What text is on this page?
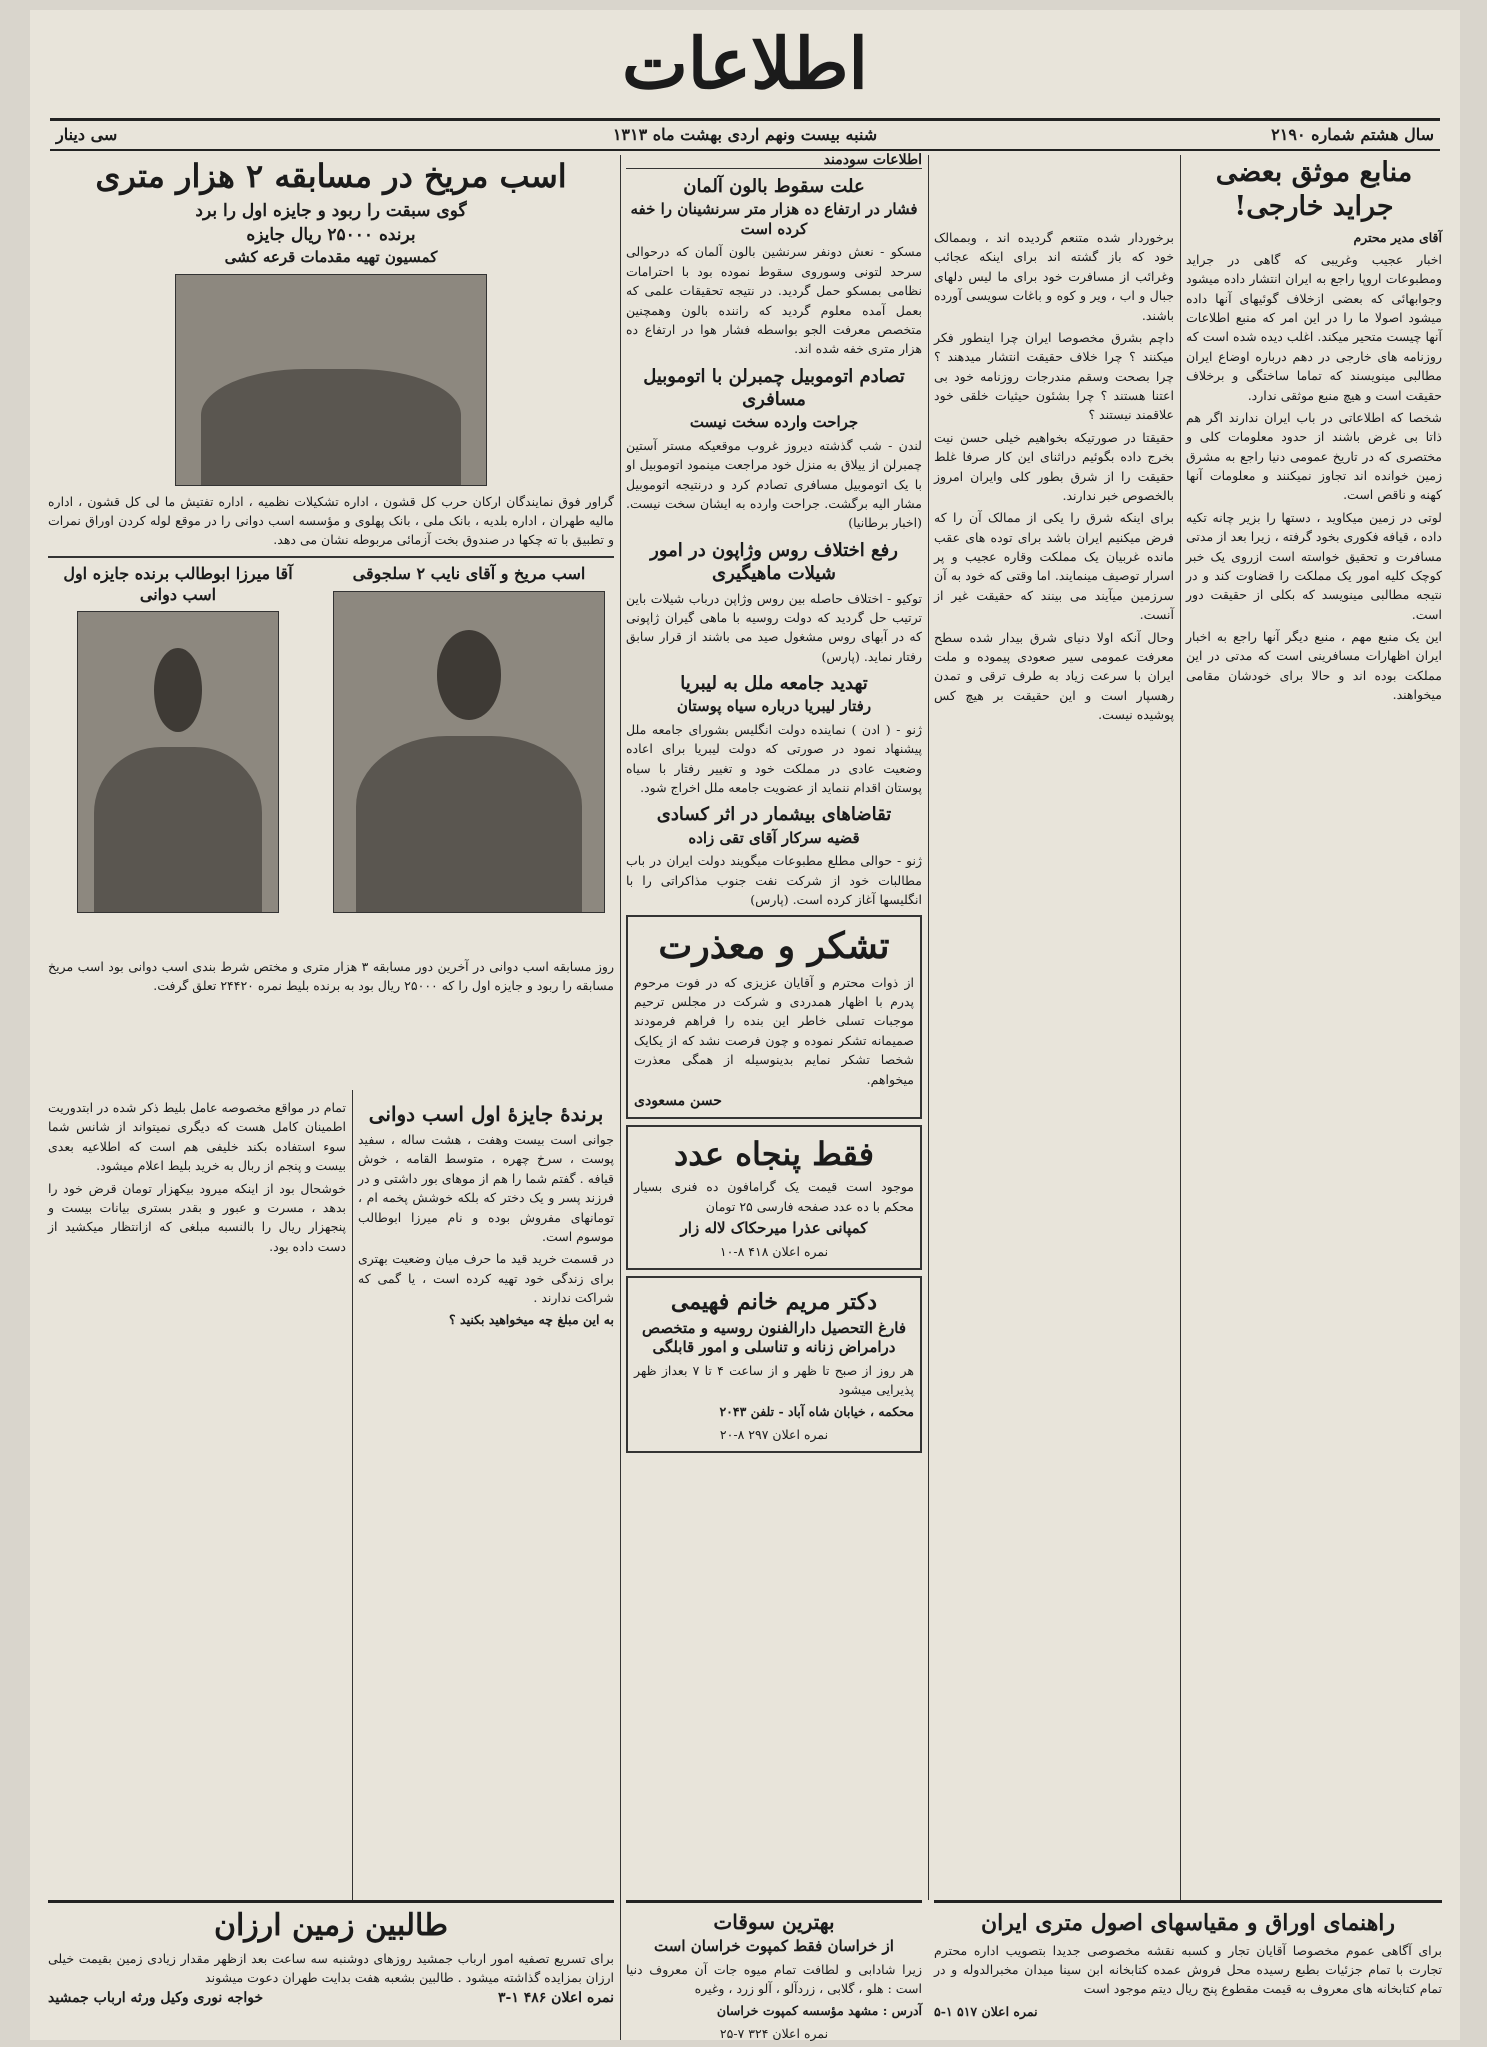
اطلاعات
سال هشتم شماره ۲۱۹۰
شنبه بیست ونهم اردی بهشت ماه ۱۳۱۳
سی دینار
منابع موثق بعضی جراید خارجی!

آقای مدیر محترم

اخبار عجیب وغریبی که گاهی در جراید ومطبوعات اروپا راجع به ایران انتشار داده میشود وجوابهائی که بعضی ازخلاف گوئیهای آنها داده میشود اصولا ما را در این امر که منبع اطلاعات آنها چیست متحیر میکند. اغلب دیده شده است که روزنامه های خارجی در دهم درباره اوضاع ایران مطالبی مینویسند که تماما ساختگی و برخلاف حقیقت است و هیچ منبع موثقی ندارد.

شخصا که اطلاعاتی در باب ایران ندارند اگر هم ذاتا بی غرض باشند از حدود معلومات کلی و مختصری که در تاریخ عمومی دنیا راجع به مشرق زمین خوانده اند تجاوز نمیکنند و معلومات آنها کهنه و ناقص است.

لوتی در زمین میکاوید ، دستها را بزیر چانه تکیه داده ، قیافه فکوری بخود گرفته ، زیرا بعد از مدتی مسافرت و تحقیق خواسته است ازروی یک خبر کوچک کلیه امور یک مملکت را قضاوت کند و در نتیجه مطالبی مینویسد که بکلی از حقیقت دور است.

این یک منبع مهم ، منبع دیگر آنها راجع به اخبار ایران اظهارات مسافرینی است که مدتی در این مملکت بوده اند و حالا برای خودشان مقامی میخواهند.

برخوردار شده متنعم گردیده اند ، وبممالک خود که باز گشته اند برای اینکه عجائب وغرائب از مسافرت خود برای ما لیس دلهای جبال و اب ، ویر و کوه و باغات سویسی آورده باشند.

داچم بشرق مخصوصا ایران چرا اینطور فکر میکنند ؟ چرا خلاف حقیقت انتشار میدهند ؟ چرا بصحت وسقم مندرجات روزنامه خود بی اعتنا هستند ؟ چرا بشئون حیثیات خلقی خود علاقمند نیستند ؟

حقیقتا در صورتیکه بخواهیم خیلی حسن نیت بخرج داده بگوئیم دراثنای این کار صرفا غلط حقیقت را از شرق بطور کلی وایران امروز بالخصوص خبر ندارند.

برای اینکه شرق را یکی از ممالک آن را که فرض میکنیم ایران باشد برای توده های عقب مانده غربیان یک مملکت وقاره عجیب و پر اسرار توصیف مینمایند. اما وقتی که خود به آن سرزمین میآیند می بینند که حقیقت غیر از آنست.

وحال آنکه اولا دنیای شرق بیدار شده سطح معرفت عمومی سیر صعودی پیموده و ملت ایران با سرعت زیاد به طرف ترقی و تمدن رهسپار است و این حقیقت بر هیچ کس پوشیده نیست.

اطلاعات سودمند
علت سقوط بالون آلمان
فشار در ارتفاع ده هزار متر سرنشینان را خفه کرده است

مسکو - نعش دونفر سرنشین بالون آلمان که درحوالی سرحد لتونی وسوروی سقوط نموده بود با احترامات نظامی بمسکو حمل گردید. در نتیجه تحقیقات علمی که بعمل آمده معلوم گردید که راننده بالون وهمچنین متخصص معرفت الجو بواسطه فشار هوا در ارتفاع ده هزار متری خفه شده اند.

تصادم اتوموبیل چمبرلن با اتوموبیل مسافری
جراحت وارده سخت نیست

لندن - شب گذشته دیروز غروب موقعیکه مستر آستین چمبرلن از ییلاق به منزل خود مراجعت مینمود اتوموبیل او با یک اتوموبیل مسافری تصادم کرد و درنتیجه اتوموبیل مشار الیه برگشت. جراحت وارده به ایشان سخت نیست. (اخبار برطانیا)

رفع اختلاف روس وژاپون در امور شیلات ماهیگیری

توکیو - اختلاف حاصله بین روس وژاپن درباب شیلات باین ترتیب حل گردید که دولت روسیه با ماهی گیران ژاپونی که در آبهای روس مشغول صید می باشند از قرار سابق رفتار نماید. (پارس)

تهدید جامعه ملل به لیبریا
رفتار لیبریا درباره سیاه پوستان

ژنو - ( ادن ) نماینده دولت انگلیس بشورای جامعه ملل پیشنهاد نمود در صورتی که دولت لیبریا برای اعاده وضعیت عادی در مملکت خود و تغییر رفتار با سیاه پوستان اقدام ننماید از عضویت جامعه ملل اخراج شود.

تقاضاهای بیشمار در اثر کسادی
قضیه سرکار آقای تقی زاده

ژنو - حوالی مطلع مطبوعات میگویند دولت ایران در باب مطالبات خود از شرکت نفت جنوب مذاکراتی را با انگلیسها آغاز کرده است. (پارس)

تشکر و معذرت

از ذوات محترم و آقایان عزیزی که در فوت مرحوم پدرم با اظهار همدردی و شرکت در مجلس ترحیم موجبات تسلی خاطر این بنده را فراهم فرمودند صمیمانه تشکر نموده و چون فرصت نشد که از یکایک شخصا تشکر نمایم بدینوسیله از همگی معذرت میخواهم.

حسن مسعودی
فقط پنجاه عدد

موجود است قیمت یک گرامافون ده فنری بسیار محکم با ده عدد صفحه فارسی ۲۵ تومان

کمپانی عذرا میرحکاک لاله زار

نمره اعلان ۴۱۸ ۸-۱۰

دکتر مریم خانم فهیمی
فارغ التحصیل دارالفنون روسیه و متخصص درامراض زنانه و تناسلی و امور قابلگی

هر روز از صبح تا ظهر و از ساعت ۴ تا ۷ بعداز ظهر پذیرایی میشود

محکمه ، خیابان شاه آباد - تلفن ۲۰۴۳

نمره اعلان ۲۹۷ ۸-۲۰

اسب مریخ در مسابقه ۲ هزار متری
گوی سبقت را ربود و جایزه اول را برد
برنده ۲۵۰۰۰ ریال جایزه
کمسیون تهیه مقدمات قرعه کشی

گراور فوق نمایندگان ارکان حرب کل قشون ، اداره تشکیلات نظمیه ، اداره تفتیش ما لی کل قشون ، اداره مالیه طهران ، اداره بلدیه ، بانک ملی ، بانک پهلوی و مؤسسه اسب دوانی را در موقع لوله کردن اوراق نمرات و تطبیق با ته چکها در صندوق بخت آزمائی مربوطه نشان می دهد.

اسب مریخ و آقای نایب ۲ سلجوقی
آقا میرزا ابوطالب برنده جایزه اول اسب دوانی

روز مسابقه اسب دوانی در آخرین دور مسابقه ۳ هزار متری و مختص شرط بندی اسب دوانی بود اسب مریخ مسابقه را ربود و جایزه اول را که ۲۵۰۰۰ ریال بود به برنده بلیط نمره ۲۴۴۲۰ تعلق گرفت.

برندهٔ جایزهٔ اول اسب دوانی

جوانی است بیست وهفت ، هشت ساله ، سفید پوست ، سرخ چهره ، متوسط القامه ، خوش قیافه . گفتم شما را هم از موهای بور داشتی و در فرزند پسر و یک دختر که بلکه خوشش پخمه ام ، تومانهای مفروش بوده و نام میرزا ابوطالب موسوم است.

در قسمت خرید قید ما حرف میان وضعیت بهتری برای زندگی خود تهیه کرده است ، یا گمی که شراکت ندارند .

به این مبلغ چه میخواهید بکنید ؟

تمام در مواقع مخصوصه عامل بلیط ذکر شده در ابتدوریت اطمینان کامل هست که دیگری نمیتواند از شانس شما سوء استفاده بکند خلیفی هم است که اطلاعیه بعدی بیست و پنجم از ربال به خرید بلیط اعلام میشود.

خوشحال بود از اینکه میرود بیکهزار تومان قرض خود را بدهد ، مسرت و عبور و بقدر بستری بیانات بیست و پنجهزار ریال را بالنسبه مبلغی که ازانتظار میکشید از دست داده بود.

راهنمای اوراق و مقیاسهای اصول متری ایران

برای آگاهی عموم مخصوصا آقایان تجار و کسبه نقشه مخصوصی جدیدا بتصویب اداره محترم تجارت با تمام جزئیات بطبع رسیده محل فروش عمده کتابخانه ابن سینا میدان مخبرالدوله و در تمام کتابخانه های معروف به قیمت مقطوع پنج ریال دیتم موجود است

نمره اعلان ۵۱۷ ۱-۵

بهترین سوقات
از خراسان فقط کمپوت خراسان است

زیرا شادابی و لطافت تمام میوه جات آن معروف دنیا است : هلو ، گلابی ، زردآلو ، آلو زرد ، وغیره

آدرس : مشهد مؤسسه کمپوت خراسان

نمره اعلان ۳۲۴ ۷-۲۵

طالبین زمین ارزان

برای تسریع تصفیه امور ارباب جمشید روزهای دوشنبه سه ساعت بعد ازظهر مقدار زیادی زمین بقیمت خیلی ارزان بمزایده گذاشته میشود . طالبین بشعبه هفت بدایت طهران دعوت میشوند

نمره اعلان ۴۸۶ ۱-۳
خواجه نوری وکیل ورثه ارباب جمشید
